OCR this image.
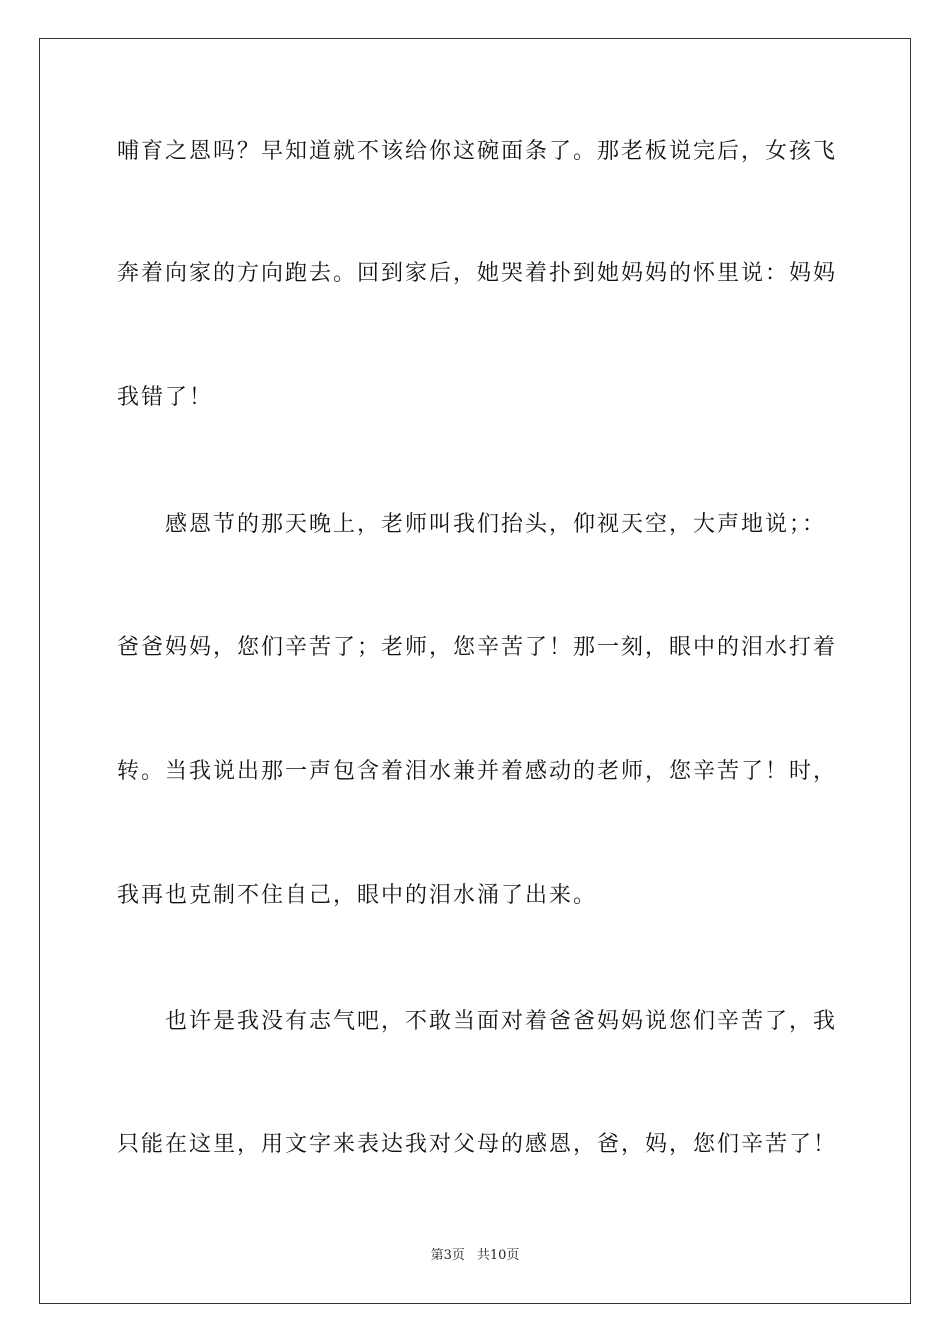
哺育之恩吗？早知道就不该给你这碗面条了。那老板说完后，女孩飞
奔着向家的方向跑去。回到家后，她哭着扑到她妈妈的怀里说：妈妈
我错了！
感恩节的那天晚上，老师叫我们抬头，仰视天空，大声地说；：
爸爸妈妈，您们辛苦了；老师，您辛苦了！那一刻，眼中的泪水打着
转。当我说出那一声包含着泪水兼并着感动的老师，您辛苦了！时，
我再也克制不住自己，眼中的泪水涌了出来。
也许是我没有志气吧，不敢当面对着爸爸妈妈说您们辛苦了，我
只能在这里，用文字来表达我对父母的感恩，爸，妈，您们辛苦了！
第3页 共10页
